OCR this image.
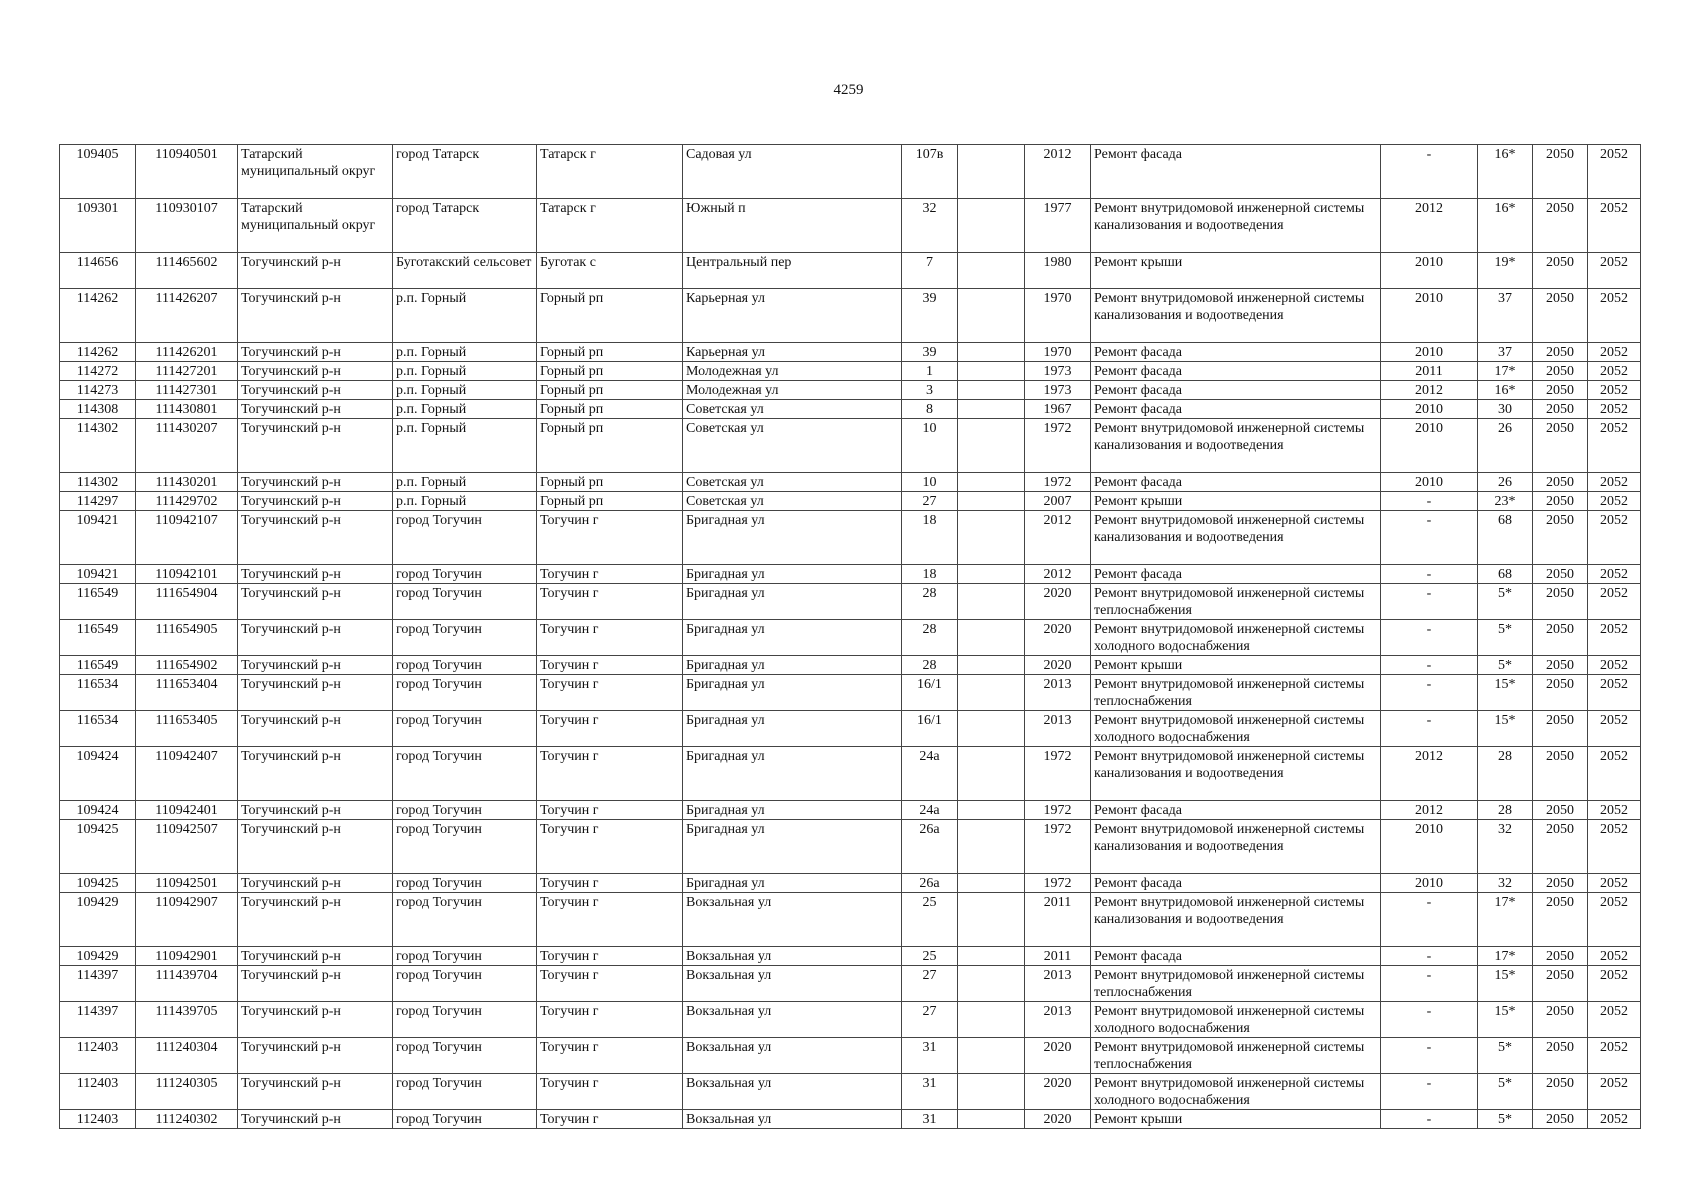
4259
109405	110940501	Татарский муниципальный округ	город Татарск	Татарск г	Садовая ул	107в		2012	Ремонт фасада	-	16*	2050	2052
109301	110930107	Татарский муниципальный округ	город Татарск	Татарск г	Южный п	32		1977	Ремонт внутридомовой инженерной системы канализования и водоотведения	2012	16*	2050	2052
114656	111465602	Тогучинский р-н	Буготакский сельсовет	Буготак с	Центральный пер	7		1980	Ремонт крыши	2010	19*	2050	2052
114262	111426207	Тогучинский р-н	р.п. Горный	Горный рп	Карьерная ул	39		1970	Ремонт внутридомовой инженерной системы канализования и водоотведения	2010	37	2050	2052
114262	111426201	Тогучинский р-н	р.п. Горный	Горный рп	Карьерная ул	39		1970	Ремонт фасада	2010	37	2050	2052
114272	111427201	Тогучинский р-н	р.п. Горный	Горный рп	Молодежная ул	1		1973	Ремонт фасада	2011	17*	2050	2052
114273	111427301	Тогучинский р-н	р.п. Горный	Горный рп	Молодежная ул	3		1973	Ремонт фасада	2012	16*	2050	2052
114308	111430801	Тогучинский р-н	р.п. Горный	Горный рп	Советская ул	8		1967	Ремонт фасада	2010	30	2050	2052
114302	111430207	Тогучинский р-н	р.п. Горный	Горный рп	Советская ул	10		1972	Ремонт внутридомовой инженерной системы канализования и водоотведения	2010	26	2050	2052
114302	111430201	Тогучинский р-н	р.п. Горный	Горный рп	Советская ул	10		1972	Ремонт фасада	2010	26	2050	2052
114297	111429702	Тогучинский р-н	р.п. Горный	Горный рп	Советская ул	27		2007	Ремонт крыши	-	23*	2050	2052
109421	110942107	Тогучинский р-н	город Тогучин	Тогучин г	Бригадная ул	18		2012	Ремонт внутридомовой инженерной системы канализования и водоотведения	-	68	2050	2052
109421	110942101	Тогучинский р-н	город Тогучин	Тогучин г	Бригадная ул	18		2012	Ремонт фасада	-	68	2050	2052
116549	111654904	Тогучинский р-н	город Тогучин	Тогучин г	Бригадная ул	28		2020	Ремонт внутридомовой инженерной системы теплоснабжения	-	5*	2050	2052
116549	111654905	Тогучинский р-н	город Тогучин	Тогучин г	Бригадная ул	28		2020	Ремонт внутридомовой инженерной системы холодного водоснабжения	-	5*	2050	2052
116549	111654902	Тогучинский р-н	город Тогучин	Тогучин г	Бригадная ул	28		2020	Ремонт крыши	-	5*	2050	2052
116534	111653404	Тогучинский р-н	город Тогучин	Тогучин г	Бригадная ул	16/1		2013	Ремонт внутридомовой инженерной системы теплоснабжения	-	15*	2050	2052
116534	111653405	Тогучинский р-н	город Тогучин	Тогучин г	Бригадная ул	16/1		2013	Ремонт внутридомовой инженерной системы холодного водоснабжения	-	15*	2050	2052
109424	110942407	Тогучинский р-н	город Тогучин	Тогучин г	Бригадная ул	24а		1972	Ремонт внутридомовой инженерной системы канализования и водоотведения	2012	28	2050	2052
109424	110942401	Тогучинский р-н	город Тогучин	Тогучин г	Бригадная ул	24а		1972	Ремонт фасада	2012	28	2050	2052
109425	110942507	Тогучинский р-н	город Тогучин	Тогучин г	Бригадная ул	26а		1972	Ремонт внутридомовой инженерной системы канализования и водоотведения	2010	32	2050	2052
109425	110942501	Тогучинский р-н	город Тогучин	Тогучин г	Бригадная ул	26а		1972	Ремонт фасада	2010	32	2050	2052
109429	110942907	Тогучинский р-н	город Тогучин	Тогучин г	Вокзальная ул	25		2011	Ремонт внутридомовой инженерной системы канализования и водоотведения	-	17*	2050	2052
109429	110942901	Тогучинский р-н	город Тогучин	Тогучин г	Вокзальная ул	25		2011	Ремонт фасада	-	17*	2050	2052
114397	111439704	Тогучинский р-н	город Тогучин	Тогучин г	Вокзальная ул	27		2013	Ремонт внутридомовой инженерной системы теплоснабжения	-	15*	2050	2052
114397	111439705	Тогучинский р-н	город Тогучин	Тогучин г	Вокзальная ул	27		2013	Ремонт внутридомовой инженерной системы холодного водоснабжения	-	15*	2050	2052
112403	111240304	Тогучинский р-н	город Тогучин	Тогучин г	Вокзальная ул	31		2020	Ремонт внутридомовой инженерной системы теплоснабжения	-	5*	2050	2052
112403	111240305	Тогучинский р-н	город Тогучин	Тогучин г	Вокзальная ул	31		2020	Ремонт внутридомовой инженерной системы холодного водоснабжения	-	5*	2050	2052
112403	111240302	Тогучинский р-н	город Тогучин	Тогучин г	Вокзальная ул	31		2020	Ремонт крыши	-	5*	2050	2052
